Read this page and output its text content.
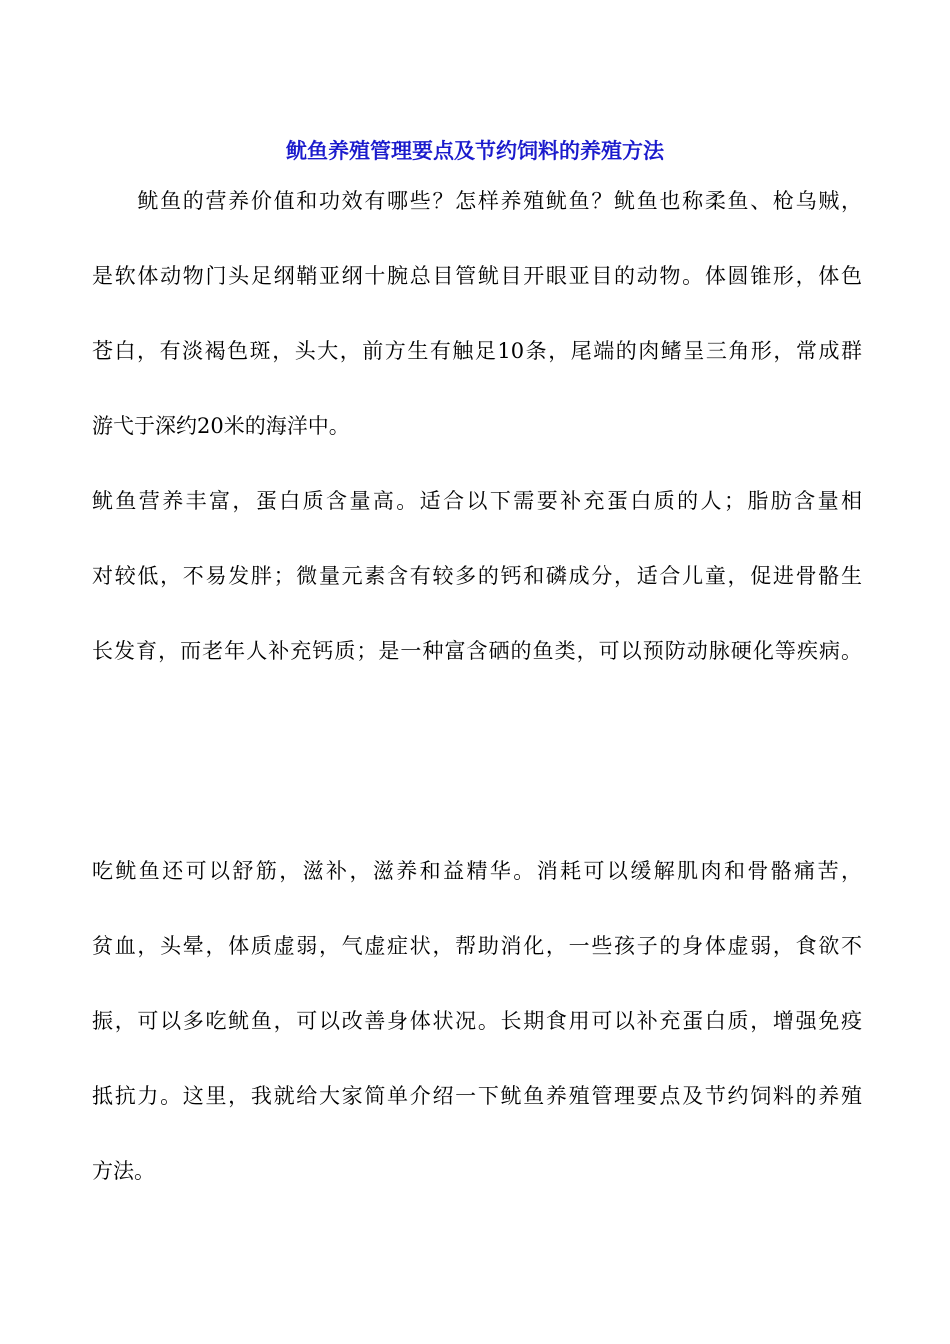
鱿鱼养殖管理要点及节约饲料的养殖方法
　　鱿鱼的营养价值和功效有哪些？怎样养殖鱿鱼？鱿鱼也称柔鱼、枪乌贼，
是软体动物门头足纲鞘亚纲十腕总目管鱿目开眼亚目的动物。体圆锥形，体色
苍白，有淡褐色斑，头大，前方生有触足10条，尾端的肉鳍呈三角形，常成群
游弋于深约20米的海洋中。
鱿鱼营养丰富，蛋白质含量高。适合以下需要补充蛋白质的人；脂肪含量相
对较低，不易发胖；微量元素含有较多的钙和磷成分，适合儿童，促进骨骼生
长发育，而老年人补充钙质；是一种富含硒的鱼类，可以预防动脉硬化等疾病。
吃鱿鱼还可以舒筋，滋补，滋养和益精华。消耗可以缓解肌肉和骨骼痛苦，
贫血，头晕，体质虚弱，气虚症状，帮助消化，一些孩子的身体虚弱，食欲不
振，可以多吃鱿鱼，可以改善身体状况。长期食用可以补充蛋白质，增强免疫
抵抗力。这里，我就给大家简单介绍一下鱿鱼养殖管理要点及节约饲料的养殖
方法。
